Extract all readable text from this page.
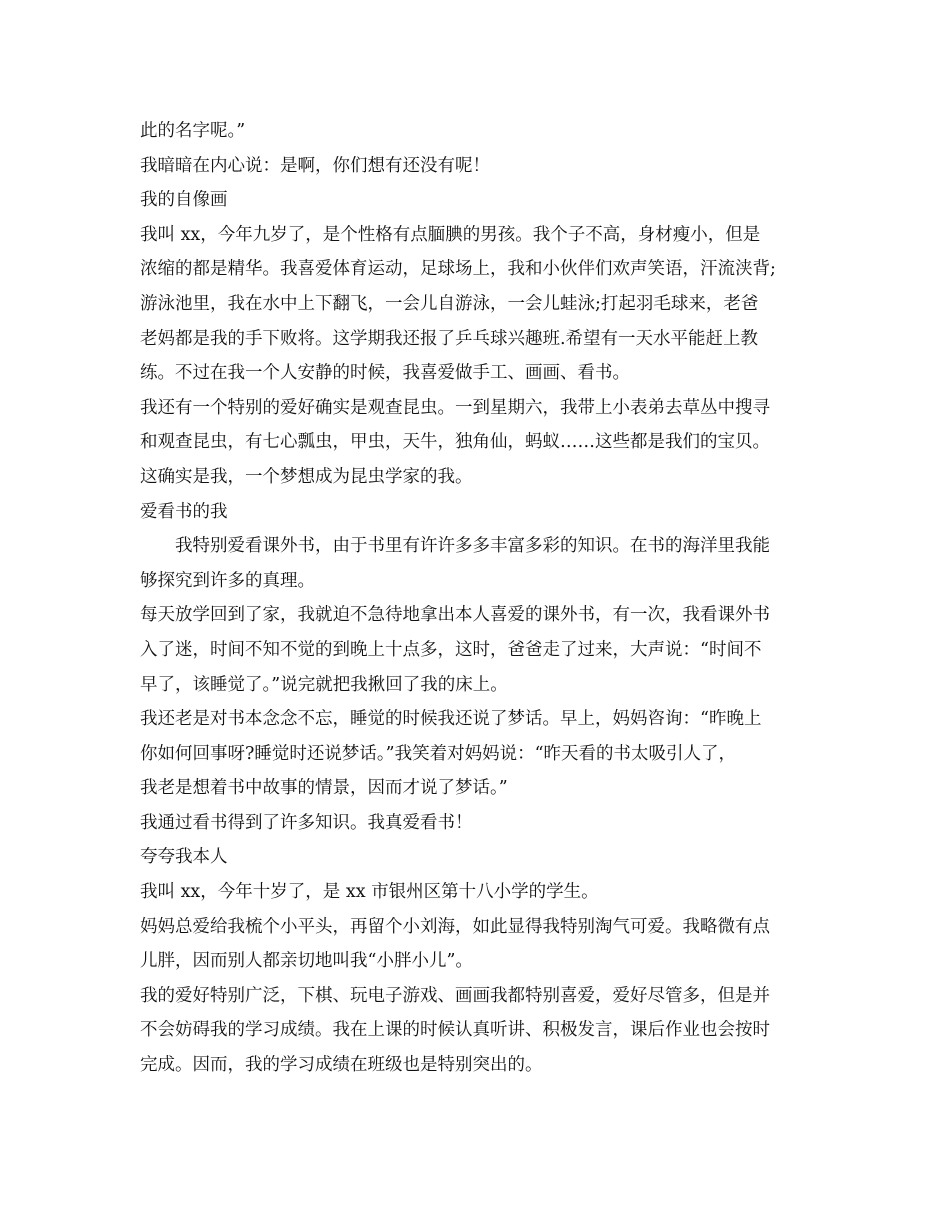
此的名字呢。”
我暗暗在内心说：是啊，你们想有还没有呢！
我的自像画
我叫 xx，今年九岁了，是个性格有点腼腆的男孩。我个子不高，身材瘦小，但是
浓缩的都是精华。我喜爱体育运动，足球场上，我和小伙伴们欢声笑语，汗流浃背;
游泳池里，我在水中上下翻飞，一会儿自游泳，一会儿蛙泳;打起羽毛球来，老爸
老妈都是我的手下败将。这学期我还报了乒乓球兴趣班.希望有一天水平能赶上教
练。不过在我一个人安静的时候，我喜爱做手工、画画、看书。
我还有一个特别的爱好确实是观查昆虫。一到星期六，我带上小表弟去草丛中搜寻
和观查昆虫，有七心瓢虫，甲虫，天牛，独角仙，蚂蚁……这些都是我们的宝贝。
这确实是我，一个梦想成为昆虫学家的我。
爱看书的我
我特别爱看课外书，由于书里有许许多多丰富多彩的知识。在书的海洋里我能
够探究到许多的真理。
每天放学回到了家，我就迫不急待地拿出本人喜爱的课外书，有一次，我看课外书
入了迷，时间不知不觉的到晚上十点多，这时，爸爸走了过来，大声说：“时间不
早了，该睡觉了。”说完就把我揪回了我的床上。
我还老是对书本念念不忘，睡觉的时候我还说了梦话。早上，妈妈咨询：“昨晚上
你如何回事呀?睡觉时还说梦话。”我笑着对妈妈说：“昨天看的书太吸引人了，
我老是想着书中故事的情景，因而才说了梦话。”
我通过看书得到了许多知识。我真爱看书！
夸夸我本人
我叫 xx，今年十岁了，是 xx 市银州区第十八小学的学生。
妈妈总爱给我梳个小平头，再留个小刘海，如此显得我特别淘气可爱。我略微有点
儿胖，因而别人都亲切地叫我“小胖小儿”。
我的爱好特别广泛，下棋、玩电子游戏、画画我都特别喜爱，爱好尽管多，但是并
不会妨碍我的学习成绩。我在上课的时候认真听讲、积极发言，课后作业也会按时
完成。因而，我的学习成绩在班级也是特别突出的。
